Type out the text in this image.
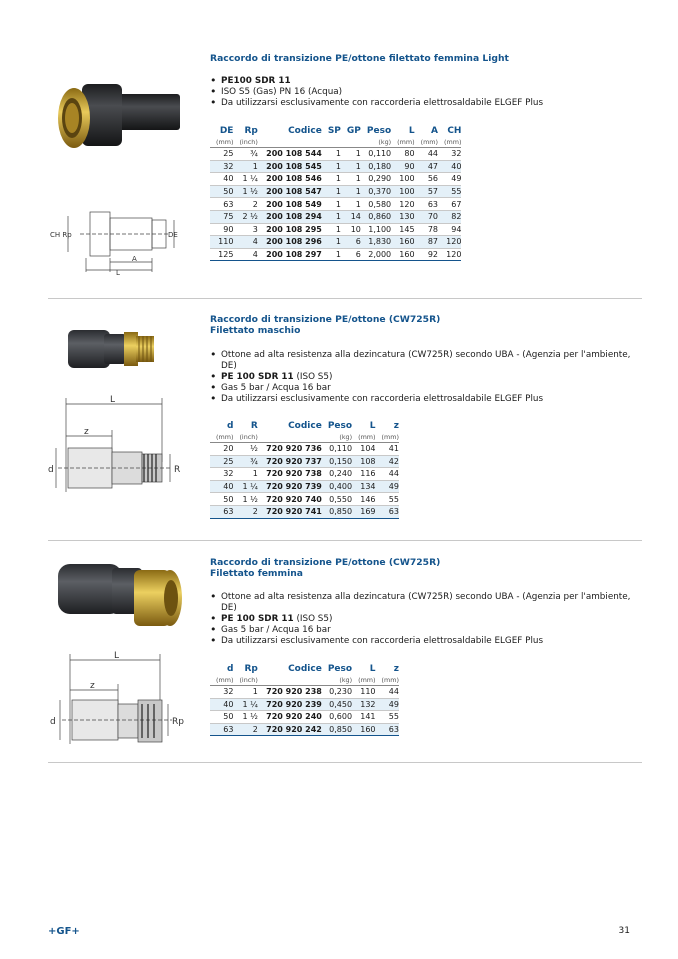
Raccordo di transizione PE/ottone filettato femmina Light
• PE100 SDR 11
• ISO S5 (Gas) PN 16 (Acqua)
• Da utilizzarsi esclusivamente con raccorderia elettrosaldabile ELGEF Plus
CH Rp	DE
L
A
DE	Rp	Codice	SP	GP	Peso	L	A	CH
(mm)	(inch)				(kg)	(mm)	(mm)	(mm)
25	¾	200 108 544	1	1	0,110	80	44	32
32	1	200 108 545	1	1	0,180	90	47	40
40	1 ¼	200 108 546	1	1	0,290	100	56	49
50	1 ½	200 108 547	1	1	0,370	100	57	55
63	2	200 108 549	1	1	0,580	120	63	67
75	2 ½	200 108 294	1	14	0,860	130	70	82
90	3	200 108 295	1	10	1,100	145	78	94
110	4	200 108 296	1	6	1,830	160	87	120
125	4	200 108 297	1	6	2,000	160	92	120
Raccordo di transizione PE/ottone (CW725R)
Filettato maschio
• Ottone ad alta resistenza alla dezincatura (CW725R) secondo UBA - (Agenzia per l'ambiente, DE)
• PE 100 SDR 11 (ISO S5)
• Gas 5 bar / Acqua 16 bar
• Da utilizzarsi esclusivamente con raccorderia elettrosaldabile ELGEF Plus
L
z
d	R
d	R	Codice	Peso	L	z
(mm)	(inch)		(kg)	(mm)	(mm)
20	½	720 920 736	0,110	104	41
25	¾	720 920 737	0,150	108	42
32	1	720 920 738	0,240	116	44
40	1 ¼	720 920 739	0,400	134	49
50	1 ½	720 920 740	0,550	146	55
63	2	720 920 741	0,850	169	63
Raccordo di transizione PE/ottone (CW725R)
Filettato femmina
• Ottone ad alta resistenza alla dezincatura (CW725R) secondo UBA - (Agenzia per l'ambiente, DE)
• PE 100 SDR 11 (ISO S5)
• Gas 5 bar / Acqua 16 bar
• Da utilizzarsi esclusivamente con raccorderia elettrosaldabile ELGEF Plus
L
z
d	Rp
d	Rp	Codice	Peso	L	z
(mm)	(inch)		(kg)	(mm)	(mm)
32	1	720 920 238	0,230	110	44
40	1 ¼	720 920 239	0,450	132	49
50	1 ½	720 920 240	0,600	141	55
63	2	720 920 242	0,850	160	63
+GF+	31
